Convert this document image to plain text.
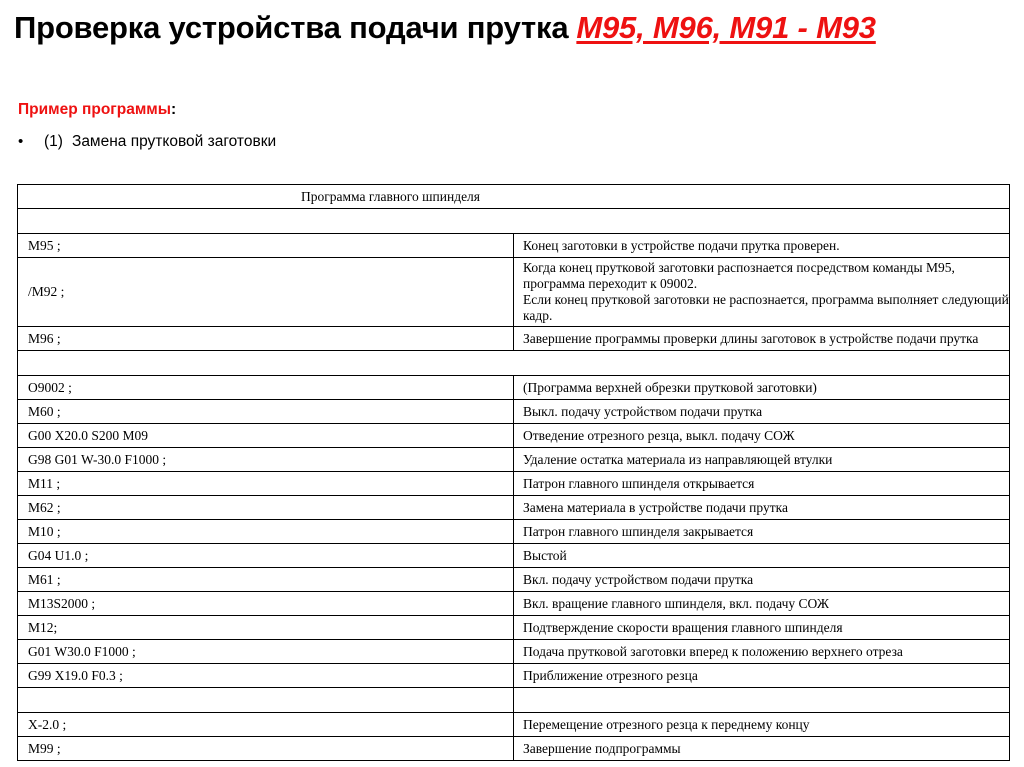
Проверка устройства подачи прутка M95, M96, M91 - M93
Пример программы:
•	(1) Замена прутковой заготовки
Программа главного шпинделя	

M95 ;	Конец заготовки в устройстве подачи прутка проверен.
/M92 ;	Когда конец прутковой заготовки распознается посредством команды M95, программа переходит к 09002.
Если конец прутковой заготовки не распознается, программа выполняет следующий кадр.

M96 ;	Завершение программы проверки длины заготовок в устройстве подачи прутка

O9002 ;	(Программа верхней обрезки прутковой заготовки)
M60 ;	Выкл. подачу устройством подачи прутка
G00 X20.0 S200 M09	Отведение отрезного резца, выкл. подачу СОЖ
G98 G01 W-30.0 F1000 ;	Удаление остатка материала из направляющей втулки
M11 ;	Патрон главного шпинделя открывается
M62 ;	Замена материала в устройстве подачи прутка
M10 ;	Патрон главного шпинделя закрывается
G04 U1.0 ;	Выстой
M61 ;	Вкл. подачу устройством подачи прутка
M13S2000 ;	Вкл. вращение главного шпинделя, вкл. подачу СОЖ
M12;	Подтверждение скорости вращения главного шпинделя
G01 W30.0 F1000 ;	Подача прутковой заготовки вперед к положению верхнего отреза
G99 X19.0 F0.3 ;	Приближение отрезного резца

X-2.0 ;	Перемещение отрезного резца к переднему концу
M99 ;	Завершение подпрограммы
